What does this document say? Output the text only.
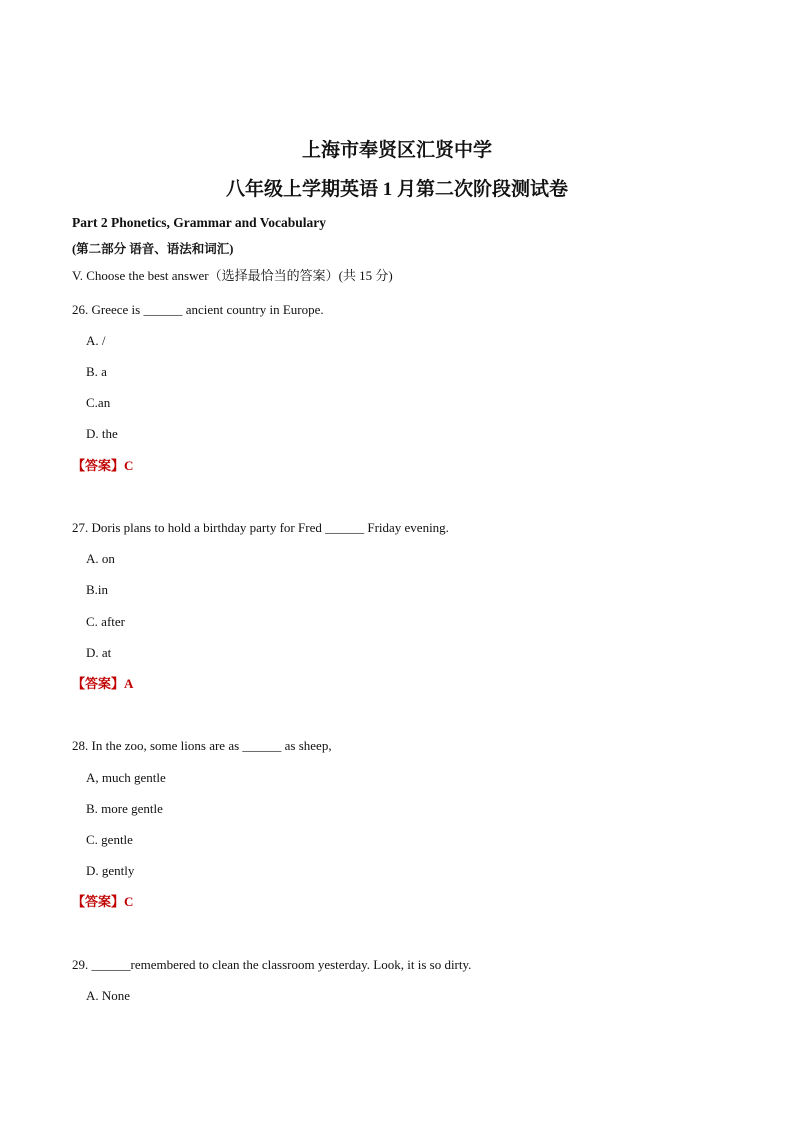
上海市奉贤区汇贤中学
八年级上学期英语 1 月第二次阶段测试卷
Part 2 Phonetics, Grammar and Vocabulary
(第二部分 语音、语法和词汇)
V. Choose the best answer（选择最恰当的答案）(共 15 分)
26. Greece is ______ ancient country in Europe.
A. /
B. a
C.an
D. the
【答案】C
27. Doris plans to hold a birthday party for Fred ______ Friday evening.
A. on
B.in
C. after
D. at
【答案】A
28. In the zoo, some lions are as ______ as sheep,
A, much gentle
B. more gentle
C. gentle
D. gently
【答案】C
29. ______remembered to clean the classroom yesterday. Look, it is so dirty.
A. None
